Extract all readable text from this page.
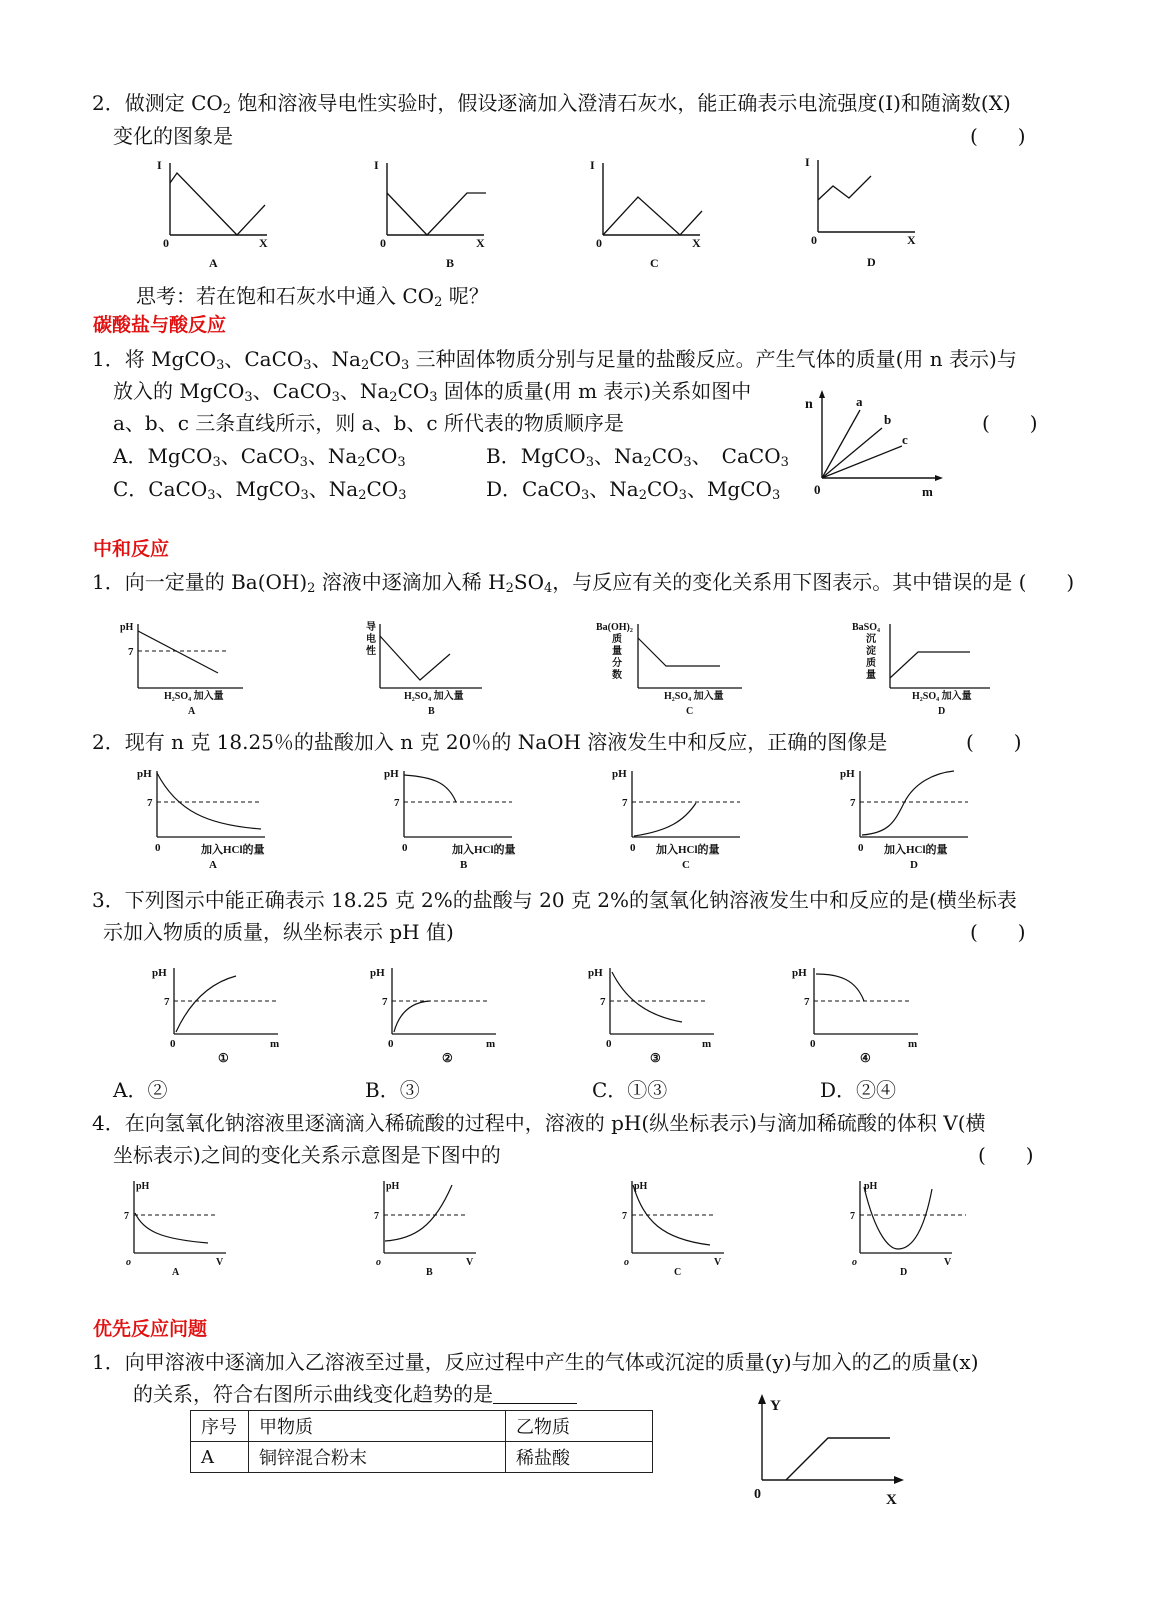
2．做测定 $CO_2$ 饱和溶液导电性实验时，假设逐滴加入澄清石灰水，能正确表示电流强度(I)和随滴数(X)
变化的图象是	(　　)
I
0	X
A
I
0	X
B
I
0	X
C
I
0	X
D
思考：若在饱和石灰水中通入 $CO_2$ 呢？
碳酸盐与酸反应
1．将 MgCO$_3$、CaCO$_3$、$Na_2CO_3$ 三种固体物质分别与足量的盐酸反应。产生气体的质量(用 n 表示)与
放入的 MgCO$_3$、CaCO$_3$、$Na_2CO_3$ 固体的质量(用 m 表示)关系如图中
a、b、c 三条直线所示，则 a、b、c 所代表的物质顺序是	(　　)
A．MgCO$_3$、CaCO$_3$、$Na_2CO_3$	B．MgCO$_3$、$Na_2CO_3$、　CaCO$_3$
C．CaCO$_3$、MgCO$_3$、$Na_2CO_3$	D．CaCO$_3$、$Na_2CO_3$、MgCO$_3$
n
0	m
a
b
c
中和反应
1．向一定量的 $Ba(OH)_2$ 溶液中逐滴加入稀 $H_2SO_4$，与反应有关的变化关系用下图表示。其中错误的是 (　　)
pH
7
H₂SO₄ 加入量
A
导电性
H₂SO₄ 加入量
B
Ba(OH)₂
质量分数
H₂SO₄ 加入量
C
BaSO₄
沉淀质量
H₂SO₄ 加入量
D
2．现有 n 克 18.25％的盐酸加入 n 克 20％的 NaOH 溶液发生中和反应，正确的图像是	(　　)
pH
7
0	加入HCl的量
A
pH
7
0	加入HCl的量
B
pH
7
0 加入HCl的量
C
pH
7
0 加入HCl的量
D
3．下列图示中能正确表示 18.25 克 2%的盐酸与 20 克 2%的氢氧化钠溶液发生中和反应的是(横坐标表
示加入物质的质量，纵坐标表示 pH 值)	(　　)
pH
7
0	m
①
pH
7
0	m
②
pH
7
0	m
③
pH
7
0	m
④
A．②	B．③	C．①③	D．②④
4．在向氢氧化钠溶液里逐滴滴入稀硫酸的过程中，溶液的 pH(纵坐标表示)与滴加稀硫酸的体积 V(横
坐标表示)之间的变化关系示意图是下图中的	(　　)
pH
7
o	V
A
pH
7
o	V
B
pH
7
o	V
C
pH
7
o	V
D
优先反应问题
1．向甲溶液中逐滴加入乙溶液至过量，反应过程中产生的气体或沉淀的质量(y)与加入的乙的质量(x)
的关系，符合右图所示曲线变化趋势的是
序号	甲物质	乙物质
A	铜锌混合粉末	稀盐酸
Y
0	X
